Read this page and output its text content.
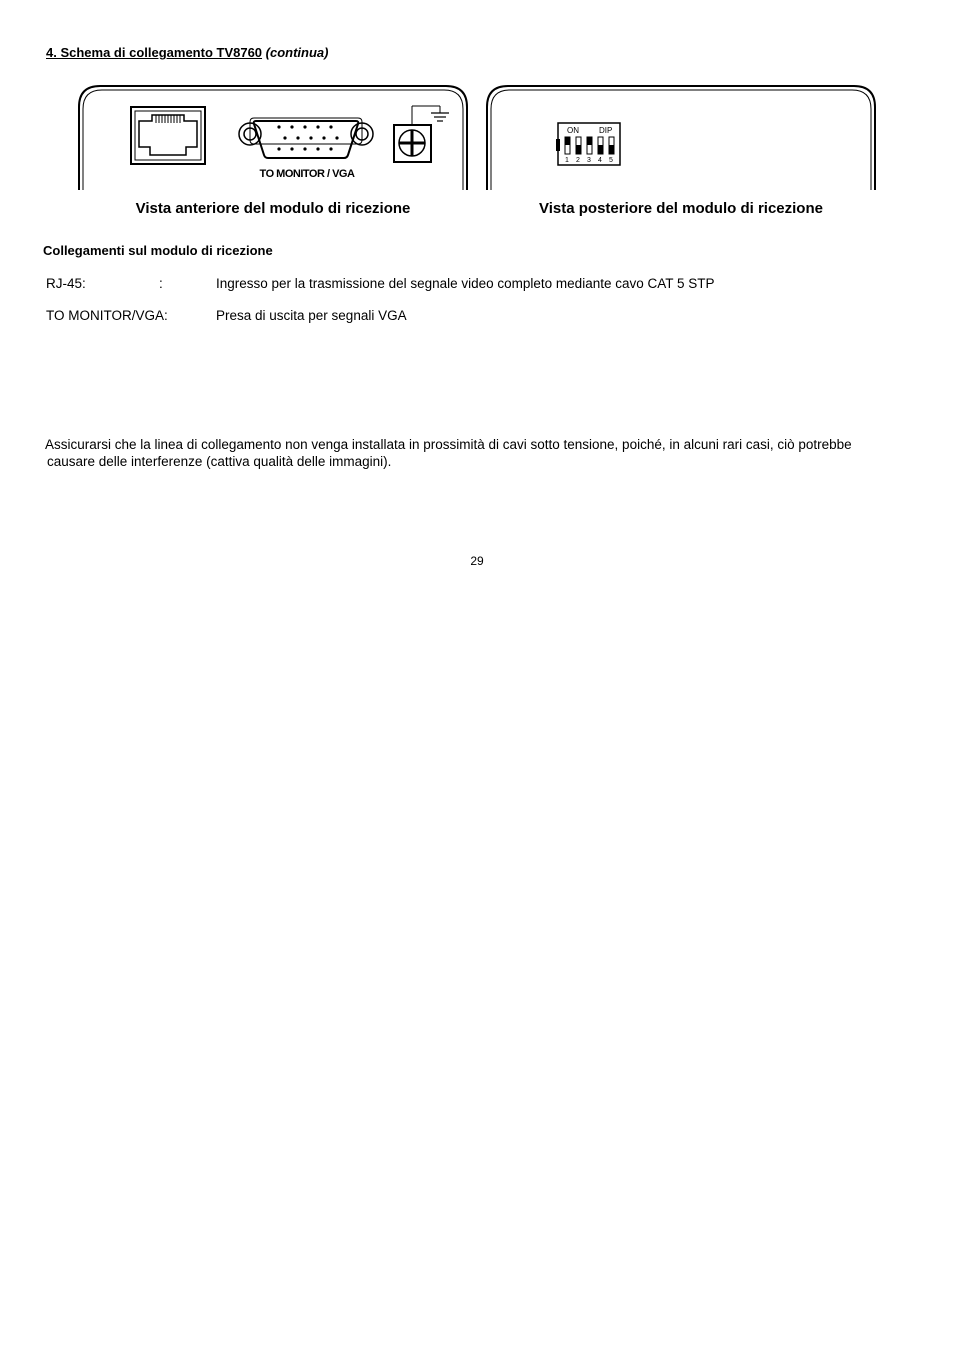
4. Schema di collegamento TV8760 (continua)
TO MONITOR / VGA
ON	DIP
1 2 3 4 5
Vista anteriore del modulo di ricezione	Vista posteriore del modulo di ricezione
Collegamenti sul modulo di ricezione
RJ-45:	:	Ingresso per la trasmissione del segnale video completo mediante cavo CAT 5 STP
TO MONITOR/VGA:	Presa di uscita per segnali VGA
Assicurarsi che la linea di collegamento non venga installata in prossimità di cavi sotto tensione, poiché, in alcuni rari casi, ciò potrebbe
causare delle interferenze (cattiva qualità delle immagini).
29
